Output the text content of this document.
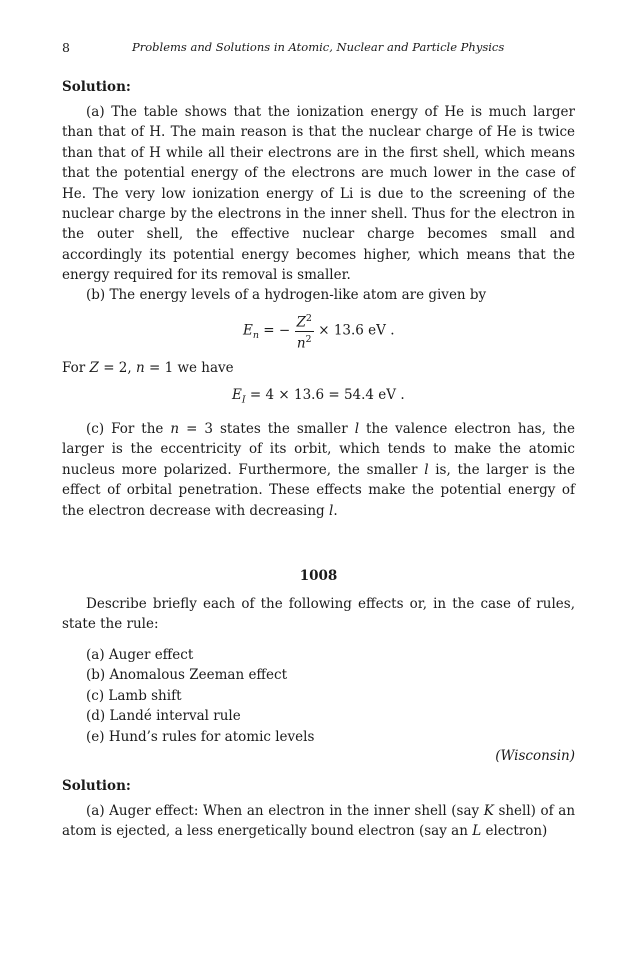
8	Problems and Solutions in Atomic, Nuclear and Particle Physics

Solution:

(a) The table shows that the ionization energy of He is much larger than that of H. The main reason is that the nuclear charge of He is twice than that of H while all their electrons are in the first shell, which means that the potential energy of the electrons are much lower in the case of He. The very low ionization energy of Li is due to the screening of the nuclear charge by the electrons in the inner shell. Thus for the electron in the outer shell, the effective nuclear charge becomes small and accordingly its potential energy becomes higher, which means that the energy required for its removal is smaller.

(b) The energy levels of a hydrogen-like atom are given by

$E_n$ = − $\frac{Z^2}{n^2} \times 13.6$ eV .

For Z = 2, n = 1 we have

$E_I = 4 \times 13.6 = 54.4$ eV .

(c) For the n = 3 states the smaller l the valence electron has, the larger is the eccentricity of its orbit, which tends to make the atomic nucleus more polarized. Furthermore, the smaller l is, the larger is the effect of orbital penetration. These effects make the potential energy of the electron decrease with decreasing l.

1008

Describe briefly each of the following effects or, in the case of rules, state the rule:

(a) Auger effect
(b) Anomalous Zeeman effect
(c) Lamb shift
(d) Landé interval rule
(e) Hund’s rules for atomic levels

(Wisconsin)

Solution:

(a) Auger effect: When an electron in the inner shell (say K shell) of an atom is ejected, a less energetically bound electron (say an L electron)
